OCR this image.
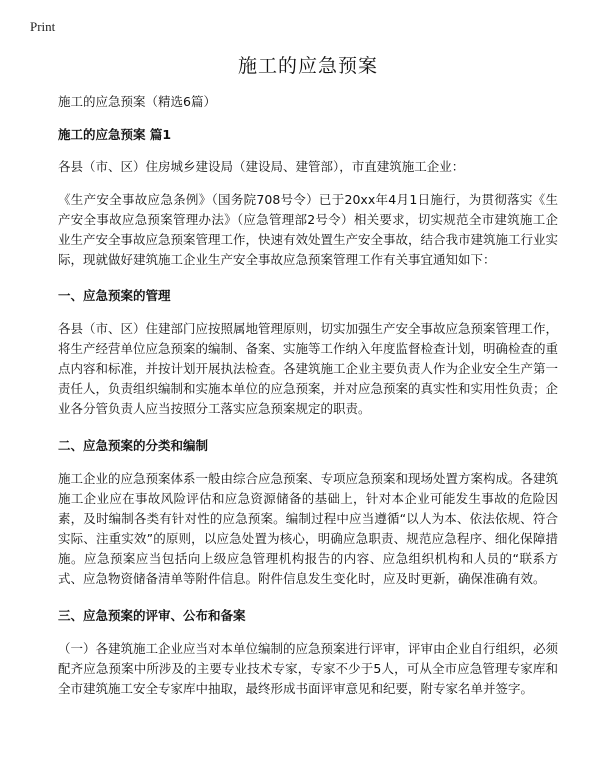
Print
施工的应急预案

施工的应急预案（精选6篇）

施工的应急预案 篇1

各县（市、区）住房城乡建设局（建设局、建管部），市直建筑施工企业：

《生产安全事故应急条例》（国务院708号令）已于20xx年4月1日施行，为贯彻落实《生产安全事故应急预案管理办法》（应急管理部2号令）相关要求，切实规范全市建筑施工企业生产安全事故应急预案管理工作，快速有效处置生产安全事故，结合我市建筑施工行业实际，现就做好建筑施工企业生产安全事故应急预案管理工作有关事宜通知如下：

一、应急预案的管理

各县（市、区）住建部门应按照属地管理原则，切实加强生产安全事故应急预案管理工作，将生产经营单位应急预案的编制、备案、实施等工作纳入年度监督检查计划，明确检查的重点内容和标准，并按计划开展执法检查。各建筑施工企业主要负责人作为企业安全生产第一责任人，负责组织编制和实施本单位的应急预案，并对应急预案的真实性和实用性负责；企业各分管负责人应当按照分工落实应急预案规定的职责。

二、应急预案的分类和编制

施工企业的应急预案体系一般由综合应急预案、专项应急预案和现场处置方案构成。各建筑施工企业应在事故风险评估和应急资源储备的基础上，针对本企业可能发生事故的危险因素，及时编制各类有针对性的应急预案。编制过程中应当遵循“以人为本、依法依规、符合实际、注重实效”的原则，以应急处置为核心，明确应急职责、规范应急程序、细化保障措施。应急预案应当包括向上级应急管理机构报告的内容、应急组织机构和人员的“联系方式、应急物资储备清单等附件信息。附件信息发生变化时，应及时更新，确保准确有效。

三、应急预案的评审、公布和备案

（一）各建筑施工企业应当对本单位编制的应急预案进行评审，评审由企业自行组织，必须配齐应急预案中所涉及的主要专业技术专家，专家不少于5人，可从全市应急管理专家库和全市建筑施工安全专家库中抽取，最终形成书面评审意见和纪要，附专家名单并签字。
